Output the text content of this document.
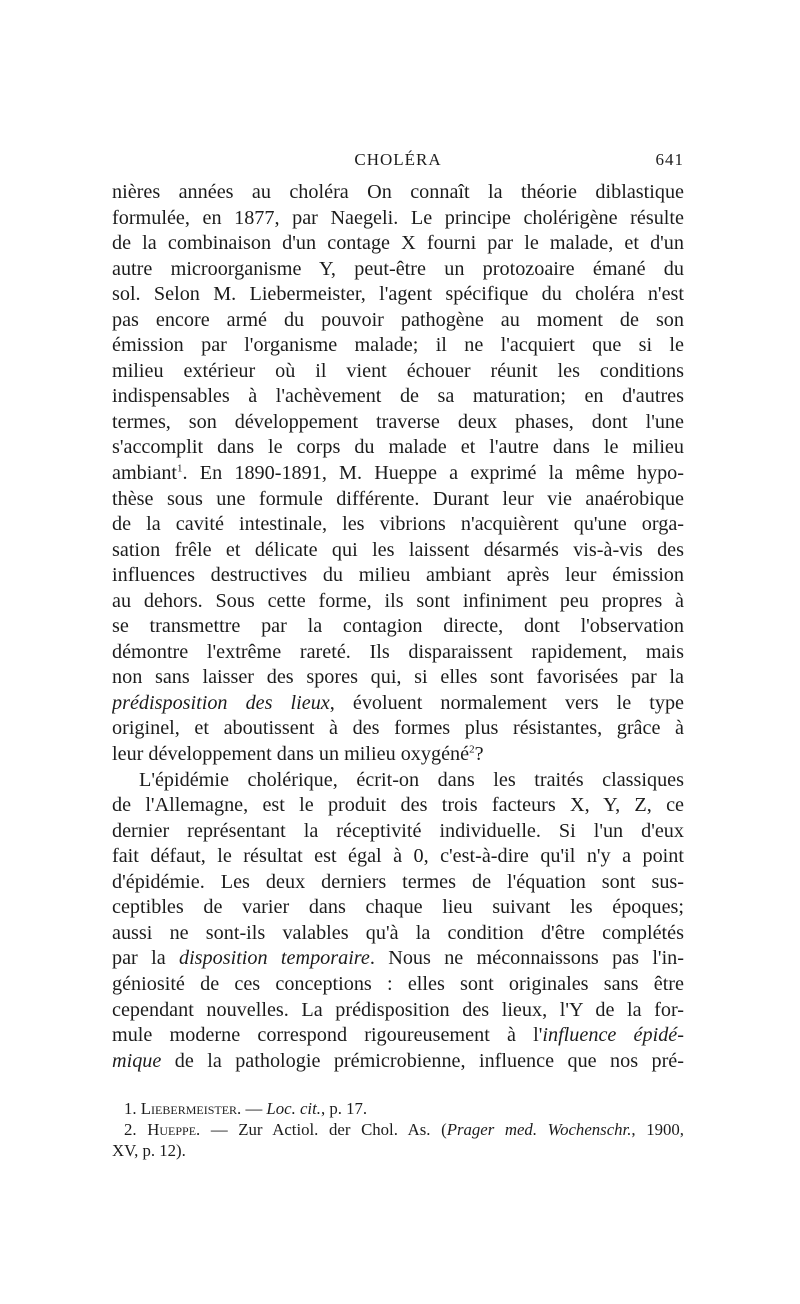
CHOLÉRA	641
nières années au choléra On connaît la théorie diblastique
formulée, en 1877, par Naegeli. Le principe cholérigène résulte
de la combinaison d'un contage X fourni par le malade, et d'un
autre microorganisme Y, peut-être un protozoaire émané du
sol. Selon M. Liebermeister, l'agent spécifique du choléra n'est
pas encore armé du pouvoir pathogène au moment de son
émission par l'organisme malade; il ne l'acquiert que si le
milieu extérieur où il vient échouer réunit les conditions
indispensables à l'achèvement de sa maturation; en d'autres
termes, son développement traverse deux phases, dont l'une
s'accomplit dans le corps du malade et l'autre dans le milieu
ambiant$^1$. En 1890-1891, M. Hueppe a exprimé la même hypo-
thèse sous une formule différente. Durant leur vie anaérobique
de la cavité intestinale, les vibrions n'acquièrent qu'une orga-
sation frêle et délicate qui les laissent désarmés vis-à-vis des
influences destructives du milieu ambiant après leur émission
au dehors. Sous cette forme, ils sont infiniment peu propres à
se transmettre par la contagion directe, dont l'observation
démontre l'extrême rareté. Ils disparaissent rapidement, mais
non sans laisser des spores qui, si elles sont favorisées par la
prédisposition des lieux, évoluent normalement vers le type
originel, et aboutissent à des formes plus résistantes, grâce à
leur développement dans un milieu oxygéné$^2$?
L'épidémie cholérique, écrit-on dans les traités classiques
de l'Allemagne, est le produit des trois facteurs X, Y, Z, ce
dernier représentant la réceptivité individuelle. Si l'un d'eux
fait défaut, le résultat est égal à 0, c'est-à-dire qu'il n'y a point
d'épidémie. Les deux derniers termes de l'équation sont sus-
ceptibles de varier dans chaque lieu suivant les époques;
aussi ne sont-ils valables qu'à la condition d'être complétés
par la disposition temporaire. Nous ne méconnaissons pas l'in-
géniosité de ces conceptions : elles sont originales sans être
cependant nouvelles. La prédisposition des lieux, l'Y de la for-
mule moderne correspond rigoureusement à l'influence épidé-
mique de la pathologie prémicrobienne, influence que nos pré-
1. Liebermeister. — Loc. cit., p. 17.
2. Hueppe. — Zur Actiol. der Chol. As. (Prager med. Wochenschr., 1900,
XV, p. 12).
